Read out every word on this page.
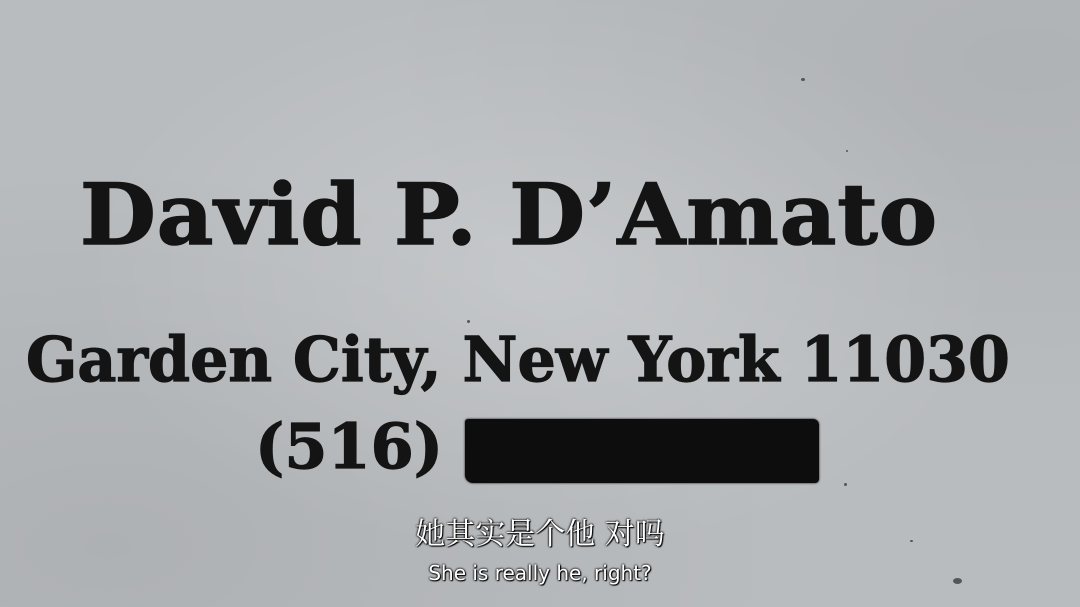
David P. D’Amato
Garden City, New York 11030
(516)
她其实是个他 对吗
She is really he, right?
